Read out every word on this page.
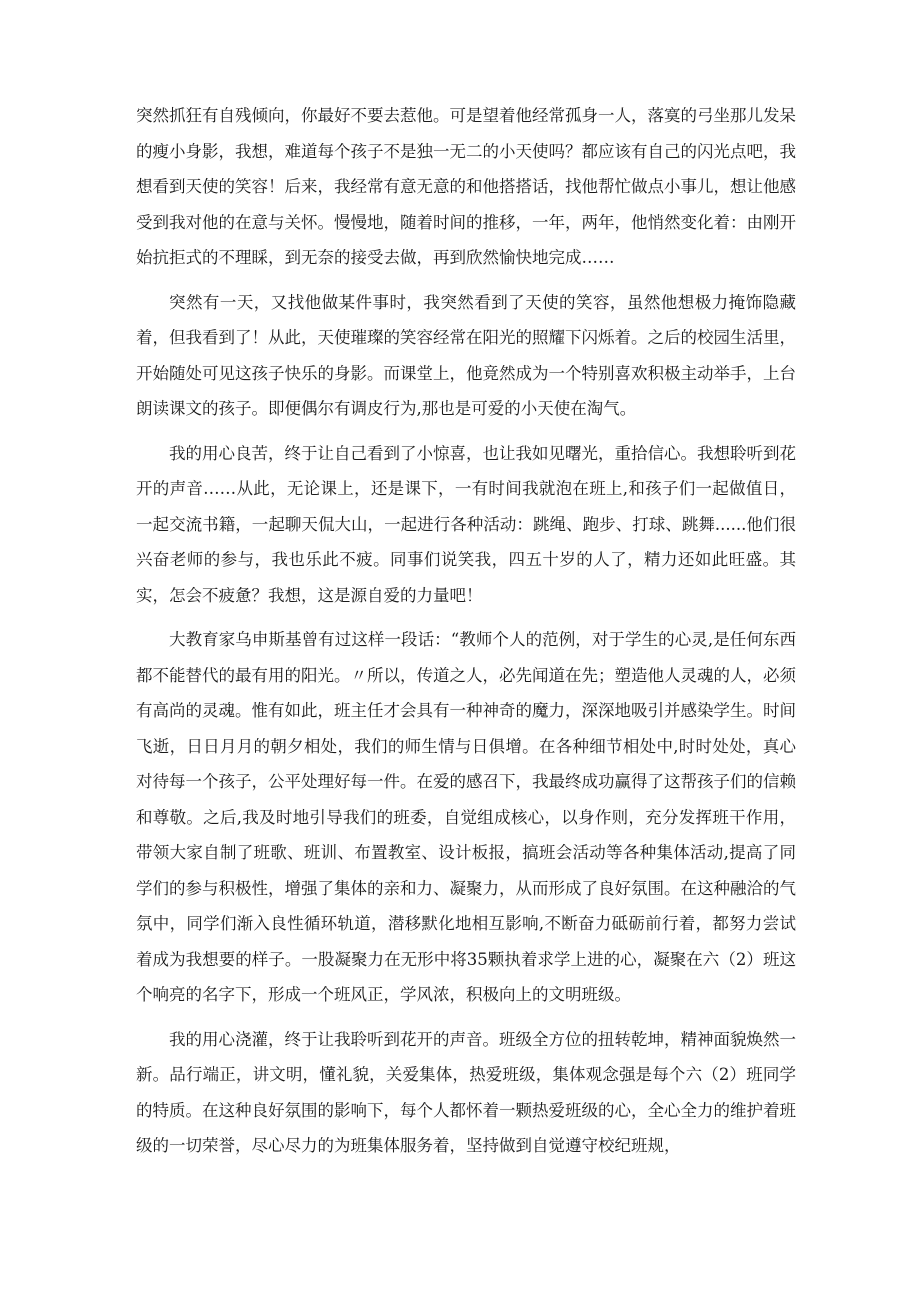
突然抓狂有自残倾向，你最好不要去惹他。可是望着他经常孤身一人，落寞的弓坐那儿发呆的瘦小身影，我想，难道每个孩子不是独一无二的小天使吗？都应该有自己的闪光点吧，我想看到天使的笑容！后来，我经常有意无意的和他搭搭话，找他帮忙做点小事儿，想让他感受到我对他的在意与关怀。慢慢地，随着时间的推移，一年，两年，他悄然变化着：由刚开始抗拒式的不理睬，到无奈的接受去做，再到欣然愉快地完成……

突然有一天，又找他做某件事时，我突然看到了天使的笑容，虽然他想极力掩饰隐藏着，但我看到了！从此，天使璀璨的笑容经常在阳光的照耀下闪烁着。之后的校园生活里，开始随处可见这孩子快乐的身影。而课堂上，他竟然成为一个特别喜欢积极主动举手，上台朗读课文的孩子。即便偶尔有调皮行为,那也是可爱的小天使在淘气。

我的用心良苦，终于让自己看到了小惊喜，也让我如见曙光，重拾信心。我想聆听到花开的声音……从此，无论课上，还是课下，一有时间我就泡在班上,和孩子们一起做值日，一起交流书籍，一起聊天侃大山，一起进行各种活动：跳绳、跑步、打球、跳舞......他们很兴奋老师的参与，我也乐此不疲。同事们说笑我，四五十岁的人了，精力还如此旺盛。其实，怎会不疲惫？我想，这是源自爱的力量吧！

大教育家乌申斯基曾有过这样一段话：“教师个人的范例，对于学生的心灵,是任何东西都不能替代的最有用的阳光。〃所以，传道之人，必先闻道在先；塑造他人灵魂的人，必须有高尚的灵魂。惟有如此，班主任才会具有一种神奇的魔力，深深地吸引并感染学生。时间飞逝，日日月月的朝夕相处，我们的师生情与日俱增。在各种细节相处中,时时处处，真心对待每一个孩子，公平处理好每一件。在爱的感召下，我最终成功赢得了这帮孩子们的信赖和尊敬。之后,我及时地引导我们的班委，自觉组成核心，以身作则，充分发挥班干作用，带领大家自制了班歌、班训、布置教室、设计板报，搞班会活动等各种集体活动,提高了同学们的参与积极性，增强了集体的亲和力、凝聚力，从而形成了良好氛围。在这种融洽的气氛中，同学们渐入良性循环轨道，潜移默化地相互影响,不断奋力砥砺前行着，都努力尝试着成为我想要的样子。一股凝聚力在无形中将35颗执着求学上进的心，凝聚在六（2）班这个响亮的名字下，形成一个班风正，学风浓，积极向上的文明班级。

我的用心浇灌，终于让我聆听到花开的声音。班级全方位的扭转乾坤，精神面貌焕然一新。品行端正，讲文明，懂礼貌，关爱集体，热爱班级，集体观念强是每个六（2）班同学的特质。在这种良好氛围的影响下，每个人都怀着一颗热爱班级的心，全心全力的维护着班级的一切荣誉，尽心尽力的为班集体服务着，坚持做到自觉遵守校纪班规，
